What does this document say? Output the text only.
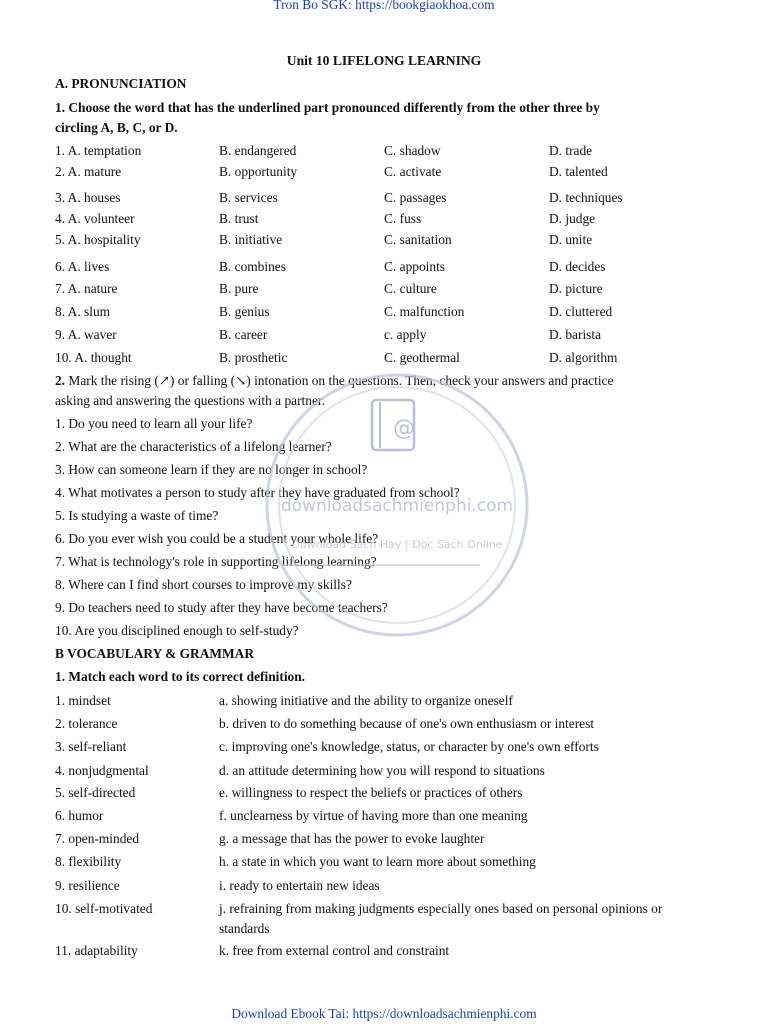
Tron Bo SGK: https://bookgiaokhoa.com
Unit 10 LIFELONG LEARNING
A. PRONUNCIATION
1. Choose the word that has the underlined part pronounced differently from the other three by
circling A, B, C, or D.
1. A. temptation	B. endangered	C. shadow	D. trade
2. A. mature	B. opportunity	C. activate	D. talented
3. A. houses	B. services	C. passages	D. techniques
4. A. volunteer	B. trust	C. fuss	D. judge
5. A. hospitality	B. initiative	C. sanitation	D. unite
6. A. lives	B. combines	C. appoints	D. decides
7. A. nature	B. pure	C. culture	D. picture
8. A. slum	B. genius	C. malfunction	D. cluttered
9. A. waver	B. career	c. apply	D. barista
10. A. thought	B. prosthetic	C. geothermal	D. algorithm
2. Mark the rising (↗) or falling (↘) intonation on the questions. Then, check your answers and practice
asking and answering the questions with a partner.
1. Do you need to learn all your life?
2. What are the characteristics of a lifelong learner?
3. How can someone learn if they are no longer in school?
4. What motivates a person to study after they have graduated from school?
5. Is studying a waste of time?
6. Do you ever wish you could be a student your whole life?
7. What is technology's role in supporting lifelong learning?
8. Where can I find short courses to improve my skills?
9. Do teachers need to study after they have become teachers?
10. Are you disciplined enough to self-study?
B VOCABULARY & GRAMMAR
1. Match each word to its correct definition.
1. mindset	a. showing initiative and the ability to organize oneself
2. tolerance	b. driven to do something because of one's own enthusiasm or interest
3. self-reliant	c. improving one's knowledge, status, or character by one's own efforts
4. nonjudgmental	d. an attitude determining how you will respond to situations
5. self-directed	e. willingness to respect the beliefs or practices of others
6. humor	f. unclearness by virtue of having more than one meaning
7. open-minded	g. a message that has the power to evoke laughter
8. flexibility	h. a state in which you want to learn more about something
9. resilience	i. ready to entertain new ideas
10. self-motivated	j. refraining from making judgments especially ones based on personal opinions or standards
11. adaptability	k. free from external control and constraint
@
downloadsachmienphi.com
Download Sách Hay | Đọc Sách Online
Download Ebook Tai: https://downloadsachmienphi.com
